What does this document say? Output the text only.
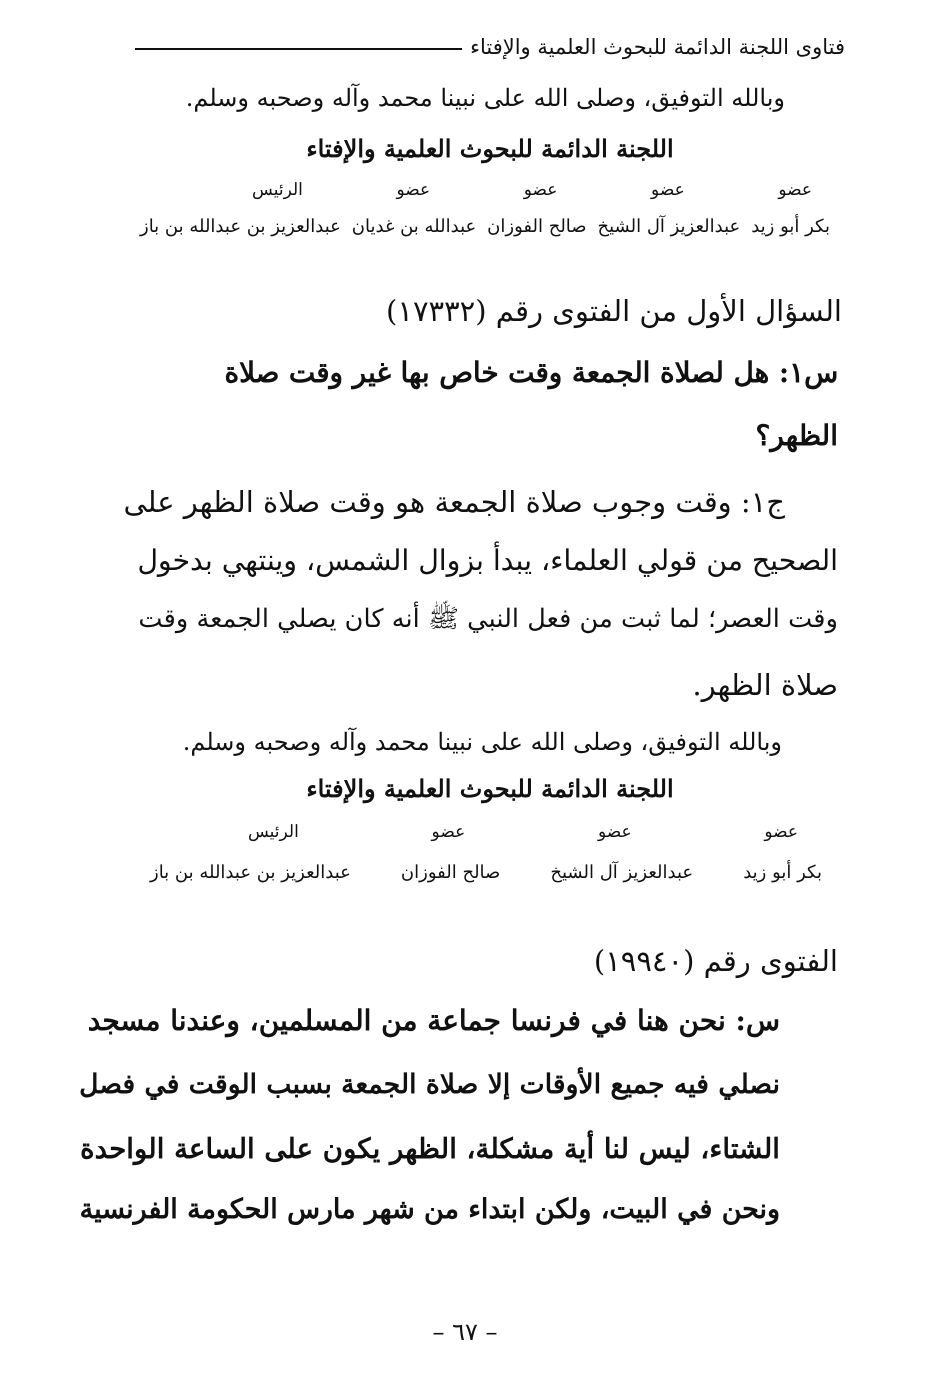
فتاوى اللجنة الدائمة للبحوث العلمية والإفتاء
وبالله التوفيق، وصلى الله على نبينا محمد وآله وصحبه وسلم.
اللجنة الدائمة للبحوث العلمية والإفتاء
عضو
عضو
عضو
عضو
الرئيس
بكر أبو زيد
عبدالعزيز آل الشيخ
صالح الفوزان
عبدالله بن غديان
عبدالعزيز بن عبدالله بن باز
السؤال الأول من الفتوى رقم (١٧٣٣٢)
س١: هل لصلاة الجمعة وقت خاص بها غير وقت صلاة
الظهر؟
ج١: وقت وجوب صلاة الجمعة هو وقت صلاة الظهر على
الصحيح من قولي العلماء، يبدأ بزوال الشمس، وينتهي بدخول
وقت العصر؛ لما ثبت من فعل النبي ﷺ أنه كان يصلي الجمعة وقت
صلاة الظهر.
وبالله التوفيق، وصلى الله على نبينا محمد وآله وصحبه وسلم.
اللجنة الدائمة للبحوث العلمية والإفتاء
عضو
عضو
عضو
الرئيس
بكر أبو زيد
عبدالعزيز آل الشيخ
صالح الفوزان
عبدالعزيز بن عبدالله بن باز
الفتوى رقم (١٩٩٤٠)
س: نحن هنا في فرنسا جماعة من المسلمين، وعندنا مسجد
نصلي فيه جميع الأوقات إلا صلاة الجمعة بسبب الوقت في فصل
الشتاء، ليس لنا أية مشكلة، الظهر يكون على الساعة الواحدة
ونحن في البيت، ولكن ابتداء من شهر مارس الحكومة الفرنسية
– ٦٧ –
